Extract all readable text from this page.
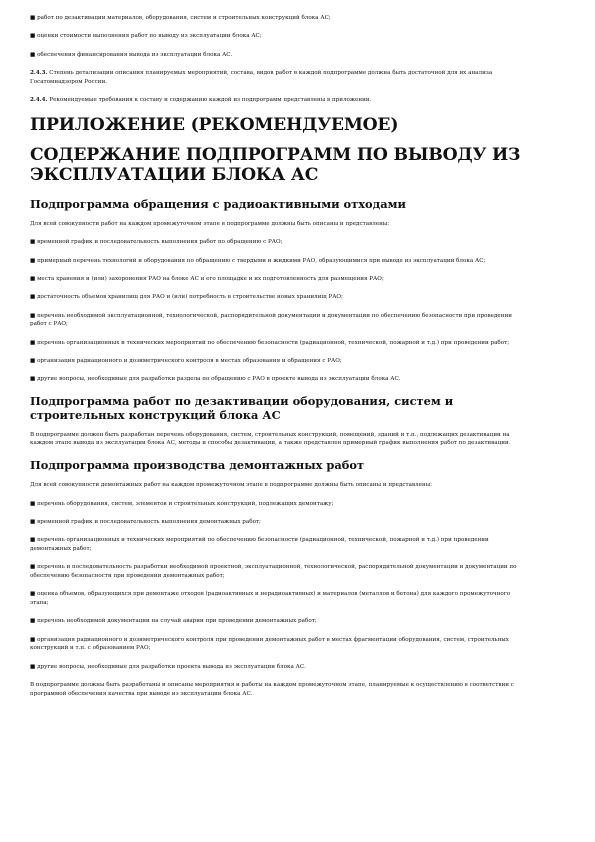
■ работ по дезактивации материалов, оборудования, систем и строительных конструкций блока АС;

■ оценки стоимости выполнения работ по выводу из эксплуатации блока АС;

■ обеспечения финансирования вывода из эксплуатации блока АС.

2.4.3. Степень детализации описания планируемых мероприятий, состава, видов работ в каждой подпрограмме должна быть достаточной для их анализа Госатомнадзором России.

2.4.4. Рекомендуемые требования к составу и содержанию каждой из подпрограмм представлены в приложении.

ПРИЛОЖЕНИЕ (РЕКОМЕНДУЕМОЕ)
СОДЕРЖАНИЕ ПОДПРОГРАММ ПО ВЫВОДУ ИЗ ЭКСПЛУАТАЦИИ БЛОКА АС
Подпрограмма обращения с радиоактивными отходами

Для всей совокупности работ на каждом промежуточном этапе в подпрограмме должны быть описаны и представлены:

■ временной график и последовательность выполнения работ по обращению с РАО;

■ примерный перечень технологий и оборудования по обращению с твердыми и жидкими РАО, образующимися при выводе из эксплуатации блока АС;

■ места хранения и (или) захоронения РАО на блоке АС и его площадке и их подготовленность для размещения РАО;

■ достаточность объемов хранилищ для РАО и (или) потребность в строительстве новых хранилищ РАО;

■ перечень необходимой эксплуатационной, технологической, распорядительной документации и документации по обеспечению безопасности при проведении работ с РАО;

■ перечень организационных и технических мероприятий по обеспечению безопасности (радиационной, технической, пожарной и т.д.) при проведении работ;

■ организация радиационного и дозиметрического контроля в местах образования и обращения с РАО;

■ другие вопросы, необходимые для разработки раздела по обращению с РАО в проекте вывода из эксплуатации блока АС.

Подпрограмма работ по дезактивации оборудования, систем и строительных конструкций блока АС

В подпрограмме должен быть разработан перечень оборудования, систем, строительных конструкций, помещений, зданий и т.п., подлежащих дезактивации на каждом этапе вывода из эксплуатации блока АС, методы и способы дезактивации, а также представлен примерный график выполнения работ по дезактивации.

Подпрограмма производства демонтажных работ

Для всей совокупности демонтажных работ на каждом промежуточном этапе в подпрограмме должны быть описаны и представлены:

■ перечень оборудования, систем, элементов и строительных конструкций, подлежащих демонтажу;

■ временной график и последовательность выполнения демонтажных работ;

■ перечень организационных и технических мероприятий по обеспечению безопасности (радиационной, технической, пожарной и т.д.) при проведении демонтажных работ;

■ перечень и последовательность разработки необходимой проектной, эксплуатационной, технологической, распорядительной документации и документации по обеспечению безопасности при проведении демонтажных работ;

■ оценка объемов, образующихся при демонтаже отходов (радиоактивных и нерадиоактивных) и материалов (металлов и бетона) для каждого промежуточного этапа;

■ перечень необходимой документации на случай аварии при проведении демонтажных работ;

■ организация радиационного и дозиметрического контроля при проведении демонтажных работ в местах фрагментации оборудования, систем, строительных конструкций и т.п. с образованием РАО;

■ другие вопросы, необходимые для разработки проекта вывода из эксплуатации блока АС.

В подпрограмме должны быть разработаны и описаны мероприятия и работы на каждом промежуточном этапе, планируемые к осуществлению в соответствии с программой обеспечения качества при выводе из эксплуатации блока АС.
